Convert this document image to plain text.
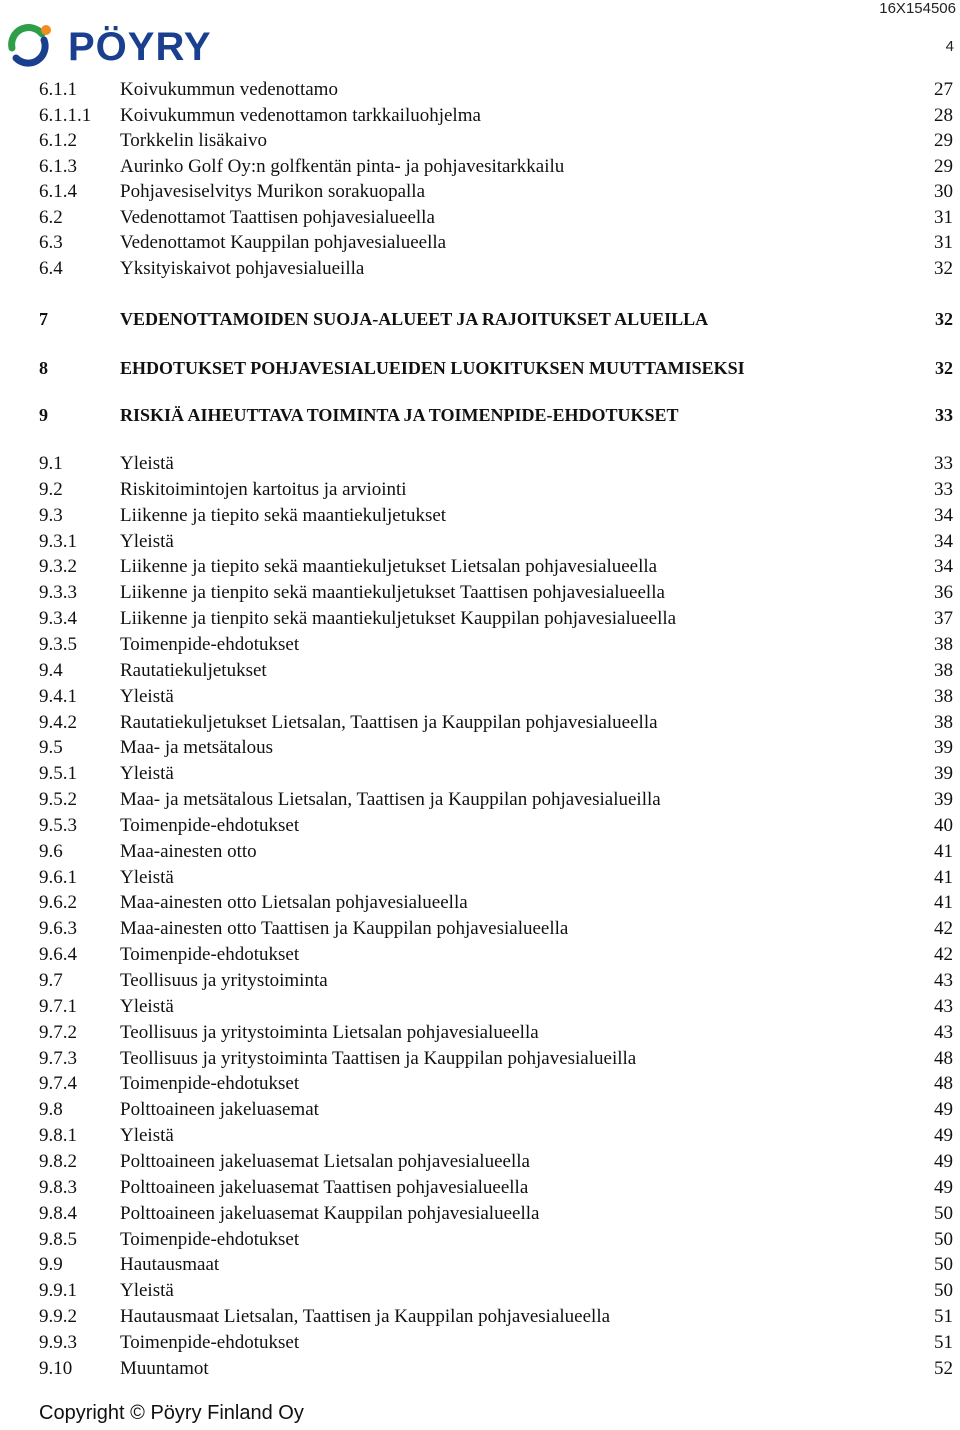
PÖYRY
16X154506
4
6.1.1 Koivukummun vedenottamo	27
6.1.1.1 Koivukummun vedenottamon tarkkailuohjelma	28
6.1.2 Torkkelin lisäkaivo	29
6.1.3 Aurinko Golf Oy:n golfkentän pinta- ja pohjavesitarkkailu	29
6.1.4 Pohjavesiselvitys Murikon sorakuopalla	30
6.2	Vedenottamot Taattisen pohjavesialueella	31
6.3	Vedenottamot Kauppilan pohjavesialueella	31
6.4	Yksityiskaivot pohjavesialueilla	32
7	VEDENOTTAMOIDEN SUOJA-ALUEET JA RAJOITUKSET ALUEILLA	32
8	EHDOTUKSET POHJAVESIALUEIDEN LUOKITUKSEN MUUTTAMISEKSI	32
9	RISKIÄ AIHEUTTAVA TOIMINTA JA TOIMENPIDE-EHDOTUKSET	33
9.1	Yleistä	33
9.2	Riskitoimintojen kartoitus ja arviointi	33
9.3	Liikenne ja tiepito sekä maantiekuljetukset	34
9.3.1 Yleistä	34
9.3.2 Liikenne ja tiepito sekä maantiekuljetukset Lietsalan pohjavesialueella	34
9.3.3 Liikenne ja tienpito sekä maantiekuljetukset Taattisen pohjavesialueella	36
9.3.4 Liikenne ja tienpito sekä maantiekuljetukset Kauppilan pohjavesialueella	37
9.3.5 Toimenpide-ehdotukset	38
9.4	Rautatiekuljetukset	38
9.4.1 Yleistä	38
9.4.2 Rautatiekuljetukset Lietsalan, Taattisen ja Kauppilan pohjavesialueella	38
9.5	Maa- ja metsätalous	39
9.5.1 Yleistä	39
9.5.2 Maa- ja metsätalous Lietsalan, Taattisen ja Kauppilan pohjavesialueilla	39
9.5.3 Toimenpide-ehdotukset	40
9.6	Maa-ainesten otto	41
9.6.1 Yleistä	41
9.6.2 Maa-ainesten otto Lietsalan pohjavesialueella	41
9.6.3 Maa-ainesten otto Taattisen ja Kauppilan pohjavesialueella	42
9.6.4 Toimenpide-ehdotukset	42
9.7	Teollisuus ja yritystoiminta	43
9.7.1 Yleistä	43
9.7.2 Teollisuus ja yritystoiminta Lietsalan pohjavesialueella	43
9.7.3 Teollisuus ja yritystoiminta Taattisen ja Kauppilan pohjavesialueilla	48
9.7.4 Toimenpide-ehdotukset	48
9.8	Polttoaineen jakeluasemat	49
9.8.1 Yleistä	49
9.8.2 Polttoaineen jakeluasemat Lietsalan pohjavesialueella	49
9.8.3 Polttoaineen jakeluasemat Taattisen pohjavesialueella	49
9.8.4 Polttoaineen jakeluasemat Kauppilan pohjavesialueella	50
9.8.5 Toimenpide-ehdotukset	50
9.9	Hautausmaat	50
9.9.1 Yleistä	50
9.9.2 Hautausmaat Lietsalan, Taattisen ja Kauppilan pohjavesialueella	51
9.9.3 Toimenpide-ehdotukset	51
9.10	Muuntamot	52
Copyright © Pöyry Finland Oy
